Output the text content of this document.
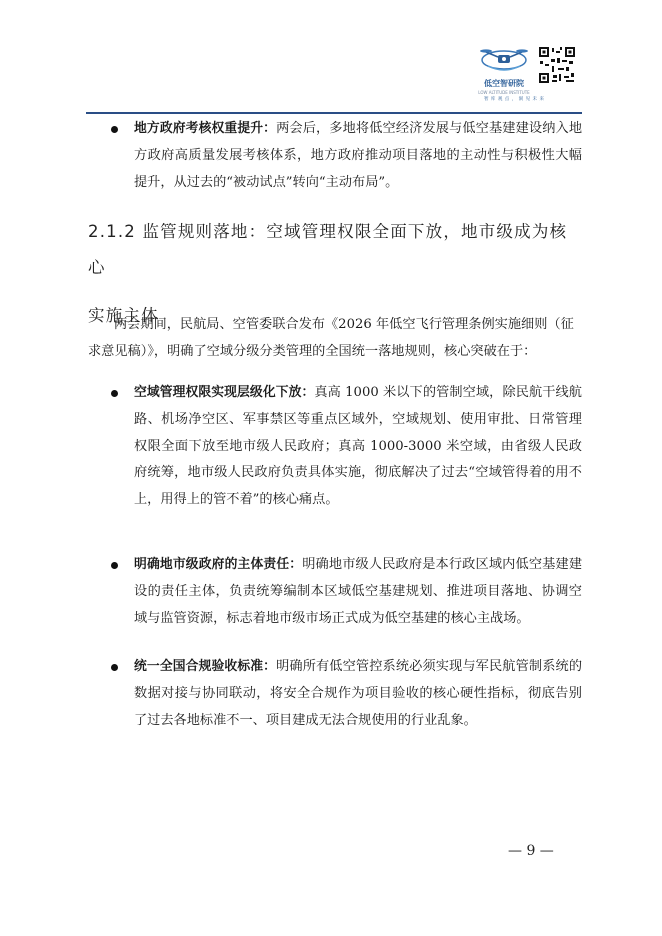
低空智研院
LOW ALTITUDE INSTITUTE
智 库 观 点 ， 洞 见 未 来
地方政府考核权重提升：两会后，多地将低空经济发展与低空基建建设纳入地方政府高质量发展考核体系，地方政府推动项目落地的主动性与积极性大幅提升，从过去的“被动试点”转向“主动布局”。
2.1.2 监管规则落地：空域管理权限全面下放，地市级成为核心
实施主体
两会期间，民航局、空管委联合发布《2026 年低空飞行管理条例实施细则（征求意见稿）》，明确了空域分级分类管理的全国统一落地规则，核心突破在于：
空域管理权限实现层级化下放：真高 1000 米以下的管制空域，除民航干线航路、机场净空区、军事禁区等重点区域外，空域规划、使用审批、日常管理权限全面下放至地市级人民政府；真高 1000-3000 米空域，由省级人民政府统筹，地市级人民政府负责具体实施，彻底解决了过去“空域管得着的用不上，用得上的管不着”的核心痛点。
明确地市级政府的主体责任：明确地市级人民政府是本行政区域内低空基建建设的责任主体，负责统筹编制本区域低空基建规划、推进项目落地、协调空域与监管资源，标志着地市级市场正式成为低空基建的核心主战场。
统一全国合规验收标准：明确所有低空管控系统必须实现与军民航管制系统的数据对接与协同联动，将安全合规作为项目验收的核心硬性指标，彻底告别了过去各地标准不一、项目建成无法合规使用的行业乱象。
— 9 —
